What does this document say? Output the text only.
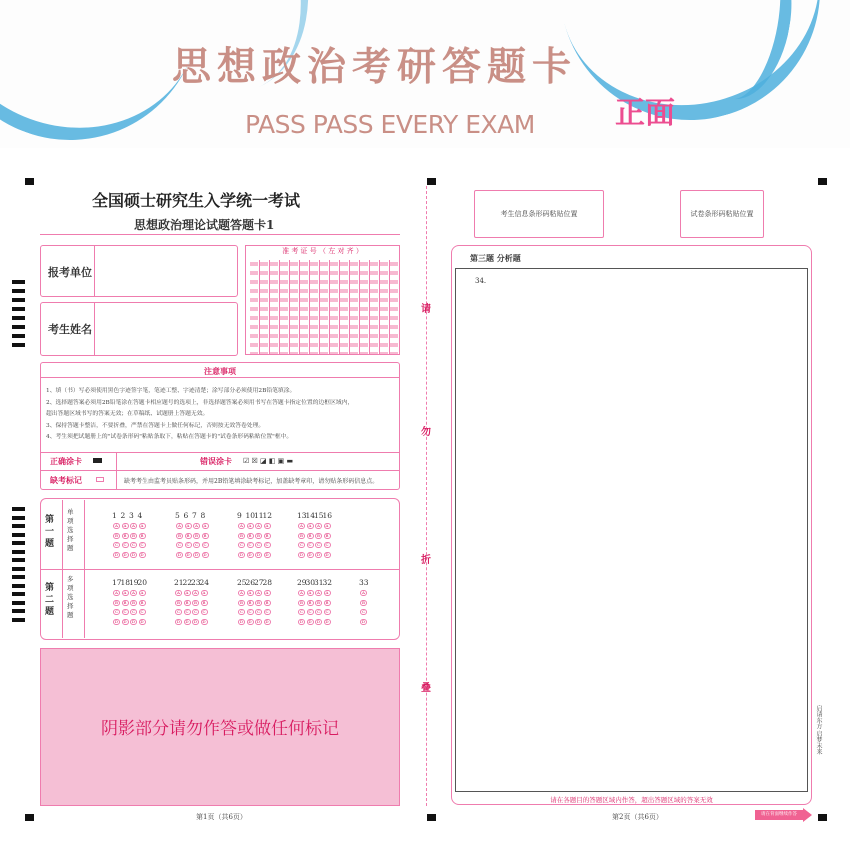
思想政治考研答题卡
PASS PASS EVERY EXAM	正面
全国硕士研究生入学统一考试
思想政治理论试题答题卡1
报考单位
考生姓名
准 考 证 号 （ 左 对 齐 ）
注意事项
1、填（书）写必须使用黑色字迹签字笔，笔迹工整、字迹清楚；涂写部分必须使用2B铅笔填涂。
2、选择题答案必须用2B铅笔涂在答题卡相应题号的选项上，非选择题答案必须用书写在答题卡指定位置的边框区域内，
超出答题区域书写的答案无效；在草稿纸、试题册上答题无效。
3、保持答题卡整洁，不要折叠，严禁在答题卡上做任何标记，否则按无效答卷处理。
4、考生须把试题册上的"试卷条形码"粘贴条取下，粘贴在答题卡的"试卷条形码粘贴位置"框中。
正确涂卡	错误涂卡 ☑ ☒ ◪ ◧ ▣ ▬
缺考标记	缺考考生由监考员贴条形码，并用2B铅笔填涂缺考标记，加盖缺考章印，请勿贴条形码信息点。
第一题
单项选择题
第二题
多项选择题
1
A
B
C
D
2
A
B
C
D
3
A
B
C
D
4
A
B
C
D
5
A
B
C
D
6
A
B
C
D
7
A
B
C
D
8
A
B
C
D
9
A
B
C
D
10
A
B
C
D
11
A
B
C
D
12
A
B
C
D
13
A
B
C
D
14
A
B
C
D
15
A
B
C
D
16
A
B
C
D
17
A
B
C
D
18
A
B
C
D
19
A
B
C
D
20
A
B
C
D
21
A
B
C
D
22
A
B
C
D
23
A
B
C
D
24
A
B
C
D
25
A
B
C
D
26
A
B
C
D
27
A
B
C
D
28
A
B
C
D
29
A
B
C
D
30
A
B
C
D
31
A
B
C
D
32
A
B
C
D
33
A
B
C
D
阴影部分请勿作答或做任何标记
第1页（共6页）
请
勿
折
叠
考生信息条形码粘贴位置	试卷条形码粘贴位置
第三题 分析题
34.
请在各题目的答题区域内作答，超出答题区域的答案无效
第2页（共6页）
启请东方 启梦未来
请在背面继续作答
